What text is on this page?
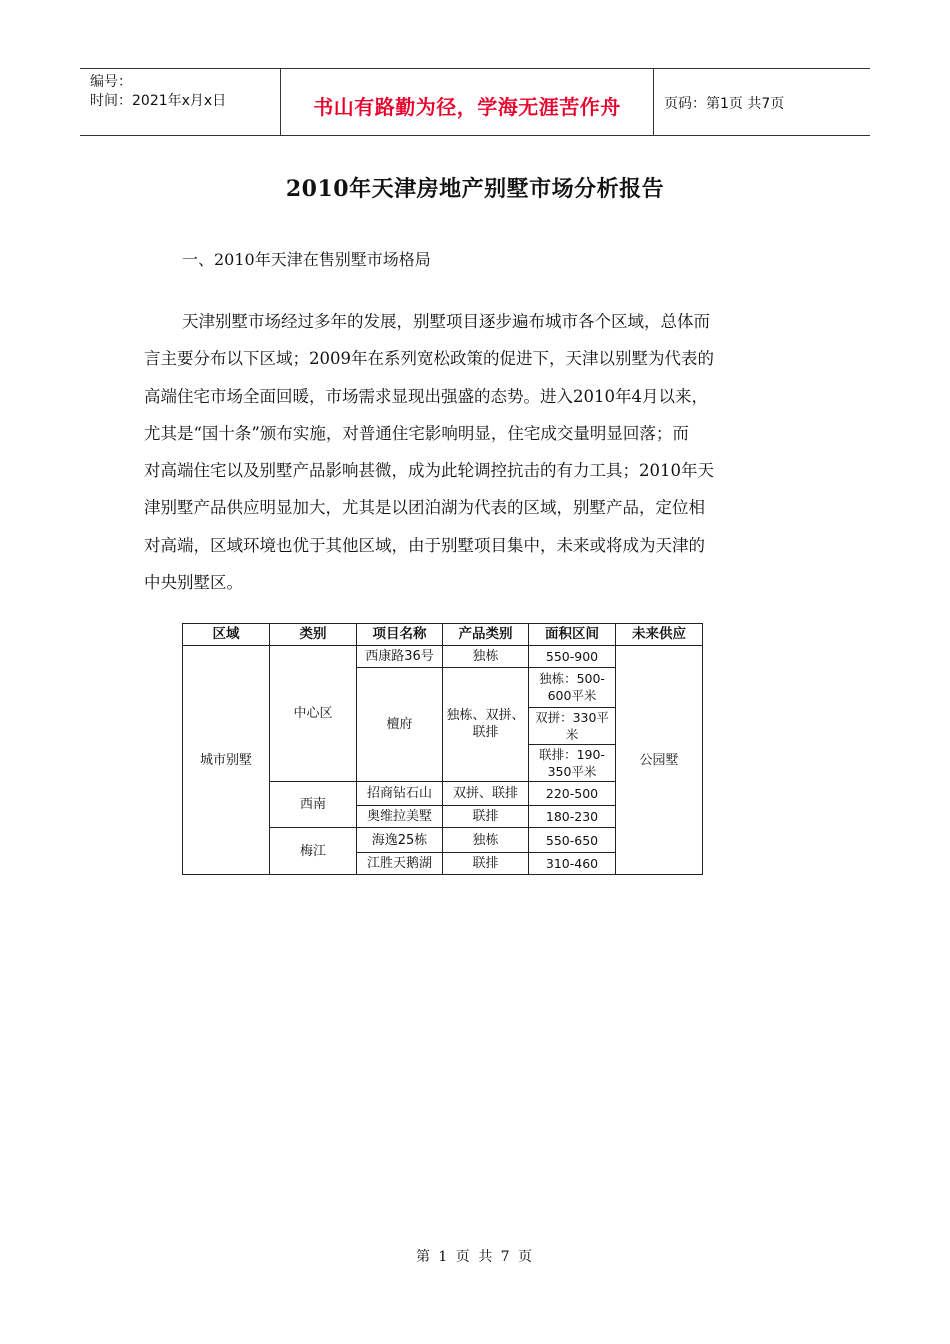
编号：
时间：2021年x月x日	书山有路勤为径，学海无涯苦作舟	页码：第1页 共7页
2010年天津房地产别墅市场分析报告
一、2010年天津在售别墅市场格局
天津别墅市场经过多年的发展，别墅项目逐步遍布城市各个区域，总体而
言主要分布以下区域；2009年在系列宽松政策的促进下，天津以别墅为代表的
高端住宅市场全面回暖，市场需求显现出强盛的态势。进入2010年4月以来，
尤其是“国十条”颁布实施，对普通住宅影响明显，住宅成交量明显回落；而
对高端住宅以及别墅产品影响甚微，成为此轮调控抗击的有力工具；2010年天
津别墅产品供应明显加大，尤其是以团泊湖为代表的区域，别墅产品，定位相
对高端，区域环境也优于其他区域，由于别墅项目集中，未来或将成为天津的
中央别墅区。
区域	类别	项目名称	产品类别	面积区间	未来供应
城市别墅	中心区	西康路36号	独栋	550-900	公园墅
		檀府	独栋、双拼、联排	独栋：500-600平米	
				双拼：330平米	
				联排：190-350平米	
	西南	招商钻石山	双拼、联排	220-500	
		奥维拉美墅	联排	180-230	
	梅江	海逸25栋	独栋	550-650	
		江胜天鹅湖	联排	310-460	
第 1 页 共 7 页
